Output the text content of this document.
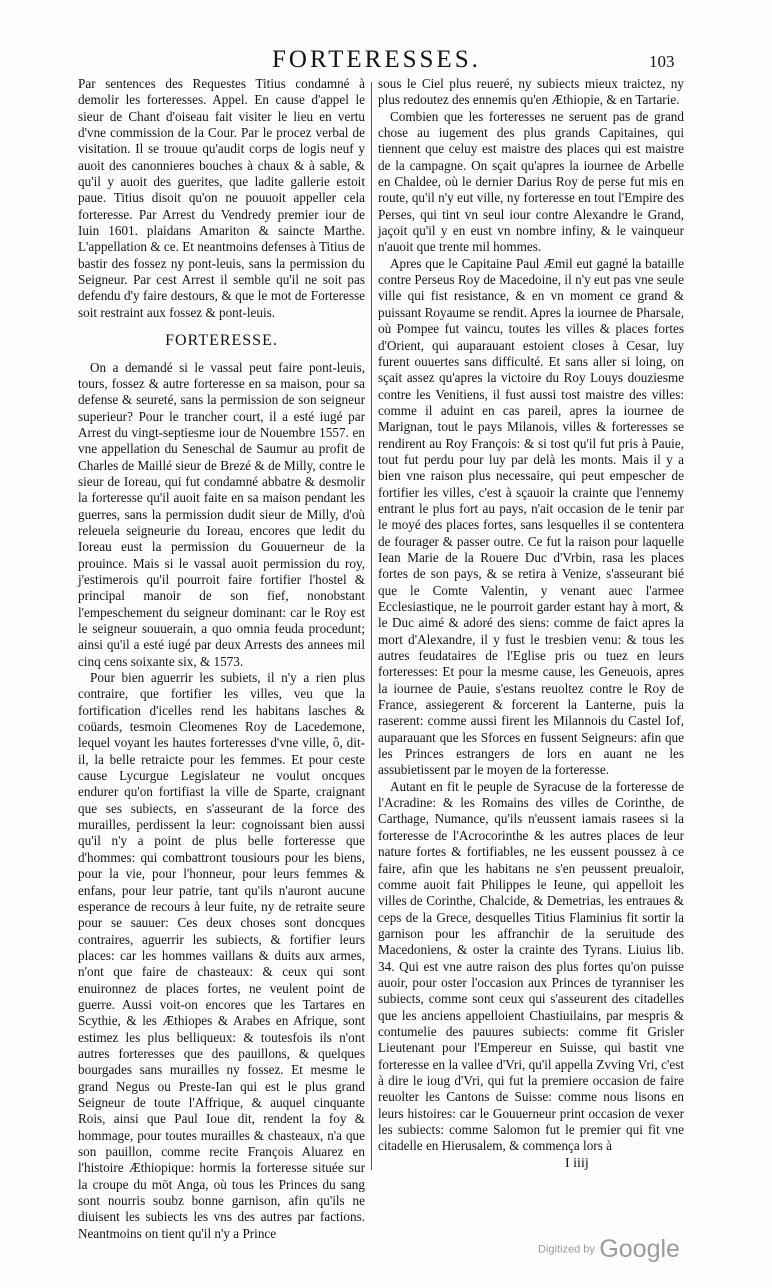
FORTERESSES.	103

Par sentences des Requestes Titius condamné à demolir les forteresses. Appel. En cause d'appel le sieur de Chant d'oiseau fait visiter le lieu en vertu d'vne commission de la Cour. Par le procez verbal de visitation. Il se trouue qu'audit corps de logis neuf y auoit des canonnieres bouches à chaux & à sable, & qu'il y auoit des guerites, que ladite gallerie estoit paue. Titius disoit qu'on ne pouuoit appeller cela forteresse. Par Arrest du Vendredy premier iour de Iuin 1601. plaidans Amariton & saincte Marthe. L'appellation & ce. Et neantmoins defenses à Titius de bastir des fossez ny pont-leuis, sans la permission du Seigneur. Par cest Arrest il semble qu'il ne soit pas defendu d'y faire destours, & que le mot de Forteresse soit restraint aux fossez & pont-leuis.

FORTERESSE.

On a demandé si le vassal peut faire pont-leuis, tours, fossez & autre forteresse en sa maison, pour sa defense & seureté, sans la permission de son seigneur superieur? Pour le trancher court, il a esté iugé par Arrest du vingt-septiesme iour de Nouembre 1557. en vne appellation du Seneschal de Saumur au profit de Charles de Maillé sieur de Brezé & de Milly, contre le sieur de Ioreau, qui fut condamné abbatre & desmolir la forteresse qu'il auoit faite en sa maison pendant les guerres, sans la permission dudit sieur de Milly, d'où releuela seigneurie du Ioreau, encores que ledit du Ioreau eust la permission du Gouuerneur de la prouince. Mais si le vassal auoit permission du roy, j'estimerois qu'il pourroit faire fortifier l'hostel & principal manoir de son fief, nonobstant l'empeschement du seigneur dominant: car le Roy est le seigneur souuerain, a quo omnia feuda procedunt; ainsi qu'il a esté iugé par deux Arrests des annees mil cinq cens soixante six, & 1573.

Pour bien aguerrir les subiets, il n'y a rien plus contraire, que fortifier les villes, veu que la fortification d'icelles rend les habitans lasches & coüards, tesmoin Cleomenes Roy de Lacedemone, lequel voyant les hautes forteresses d'vne ville, ô, dit-il, la belle retraicte pour les femmes. Et pour ceste cause Lycurgue Legislateur ne voulut oncques endurer qu'on fortifiast la ville de Sparte, craignant que ses subiects, en s'asseurant de la force des murailles, perdissent la leur: cognoissant bien aussi qu'il n'y a point de plus belle forteresse que d'hommes: qui combattront tousiours pour les biens, pour la vie, pour l'honneur, pour leurs femmes & enfans, pour leur patrie, tant qu'ils n'auront aucune esperance de recours à leur fuite, ny de retraite seure pour se sauuer: Ces deux choses sont doncques contraires, aguerrir les subiects, & fortifier leurs places: car les hommes vaillans & duits aux armes, n'ont que faire de chasteaux: & ceux qui sont enuironnez de places fortes, ne veulent point de guerre. Aussi voit-on encores que les Tartares en Scythie, & les Æthiopes & Arabes en Afrique, sont estimez les plus belliqueux: & toutesfois ils n'ont autres forteresses que des pauillons, & quelques bourgades sans murailles ny fossez. Et mesme le grand Negus ou Preste-Ian qui est le plus grand Seigneur de toute l'Affrique, & auquel cinquante Rois, ainsi que Paul Ioue dit, rendent la foy & hommage, pour toutes murailles & chasteaux, n'a que son pauillon, comme recite François Aluarez en l'histoire Æthiopique: hormis la forteresse située sur la croupe du mōt Anga, où tous les Princes du sang sont nourris soubz bonne garnison, afin qu'ils ne diuisent les subiects les vns des autres par factions. Neantmoins on tient qu'il n'y a Prince

sous le Ciel plus reueré, ny subiects mieux traictez, ny plus redoutez des ennemis qu'en Æthiopie, & en Tartarie.

Combien que les forteresses ne seruent pas de grand chose au iugement des plus grands Capitaines, qui tiennent que celuy est maistre des places qui est maistre de la campagne. On sçait qu'apres la iournee de Arbelle en Chaldee, où le dernier Darius Roy de perse fut mis en route, qu'il n'y eut ville, ny forteresse en tout l'Empire des Perses, qui tint vn seul iour contre Alexandre le Grand, jaçoit qu'il y en eust vn nombre infiny, & le vainqueur n'auoit que trente mil hommes.

Apres que le Capitaine Paul Æmil eut gagné la bataille contre Perseus Roy de Macedoine, il n'y eut pas vne seule ville qui fist resistance, & en vn moment ce grand & puissant Royaume se rendit. Apres la iournee de Pharsale, où Pompee fut vaincu, toutes les villes & places fortes d'Orient, qui auparauant estoient closes à Cesar, luy furent ouuertes sans difficulté. Et sans aller si loing, on sçait assez qu'apres la victoire du Roy Louys douziesme contre les Venitiens, il fust aussi tost maistre des villes: comme il aduint en cas pareil, apres la iournee de Marignan, tout le pays Milanois, villes & forteresses se rendirent au Roy François: & si tost qu'il fut pris à Pauie, tout fut perdu pour luy par delà les monts. Mais il y a bien vne raison plus necessaire, qui peut empescher de fortifier les villes, c'est à sçauoir la crainte que l'ennemy entrant le plus fort au pays, n'ait occasion de le tenir par le moyé des places fortes, sans lesquelles il se contentera de fourager & passer outre. Ce fut la raison pour laquelle Iean Marie de la Rouere Duc d'Vrbin, rasa les places fortes de son pays, & se retira à Venize, s'asseurant bié que le Comte Valentin, y venant auec l'armee Ecclesiastique, ne le pourroit garder estant hay à mort, & le Duc aimé & adoré des siens: comme de faict apres la mort d'Alexandre, il y fust le tresbien venu: & tous les autres feudataires de l'Eglise pris ou tuez en leurs forteresses: Et pour la mesme cause, les Geneuois, apres la iournee de Pauie, s'estans reuoltez contre le Roy de France, assiegerent & forcerent la Lanterne, puis la raserent: comme aussi firent les Milannois du Castel Iof, auparauant que les Sforces en fussent Seigneurs: afin que les Princes estrangers de lors en auant ne les assubietissent par le moyen de la forteresse.

Autant en fit le peuple de Syracuse de la forteresse de l'Acradine: & les Romains des villes de Corinthe, de Carthage, Numance, qu'ils n'eussent iamais rasees si la forteresse de l'Acrocorinthe & les autres places de leur nature fortes & fortifiables, ne les eussent poussez à ce faire, afin que les habitans ne s'en peussent preualoir, comme auoit fait Philippes le Ieune, qui appelloit les villes de Corinthe, Chalcide, & Demetrias, les entraues & ceps de la Grece, desquelles Titius Flaminius fit sortir la garnison pour les affranchir de la seruitude des Macedoniens, & oster la crainte des Tyrans. Liuius lib. 34. Qui est vne autre raison des plus fortes qu'on puisse auoir, pour oster l'occasion aux Princes de tyranniser les subiects, comme sont ceux qui s'asseurent des citadelles que les anciens appelloient Chastiuilains, par mespris & contumelie des pauures subiects: comme fit Grisler Lieutenant pour l'Empereur en Suisse, qui bastit vne forteresse en la vallee d'Vri, qu'il appella Zvving Vri, c'est à dire le ioug d'Vri, qui fut la premiere occasion de faire reuolter les Cantons de Suisse: comme nous lisons en leurs histoires: car le Gouuerneur print occasion de vexer les subiects: comme Salomon fut le premier qui fit vne citadelle en Hierusalem, & commença lors à

I iiij
Digitized by Google
